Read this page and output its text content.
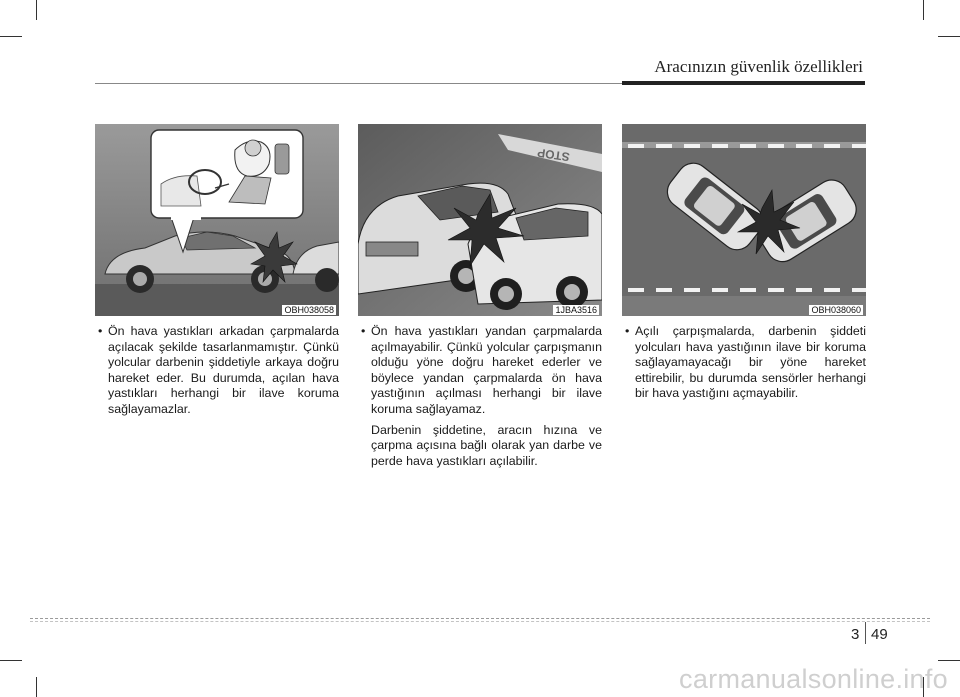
Aracınızın güvenlik özellikleri
OBH038058
STOP
1JBA3516	OBH038060

• Ön hava yastıkları arkadan çarpmalarda açılacak şekilde tasarlanmamıştır. Çünkü yolcular darbenin şiddetiyle arkaya doğru hareket eder. Bu durumda, açılan hava yastıkları herhangi bir ilave koruma sağlayamazlar.

• Ön hava yastıkları yandan çarpmalarda açılmayabilir. Çünkü yolcular çarpışmanın olduğu yöne doğru hareket ederler ve böylece yandan çarpmalarda ön hava yastığının açılması herhangi bir ilave koruma sağlayamaz.

Darbenin şiddetine, aracın hızına ve çarpma açısına bağlı olarak yan darbe ve perde hava yastıkları açılabilir.

• Açılı çarpışmalarda, darbenin şiddeti yolcuları hava yastığının ilave bir koruma sağlayamayacağı bir yöne hareket ettirebilir, bu durumda sensörler herhangi bir hava yastığını açmayabilir.

3 49
carmanualsonline.info
